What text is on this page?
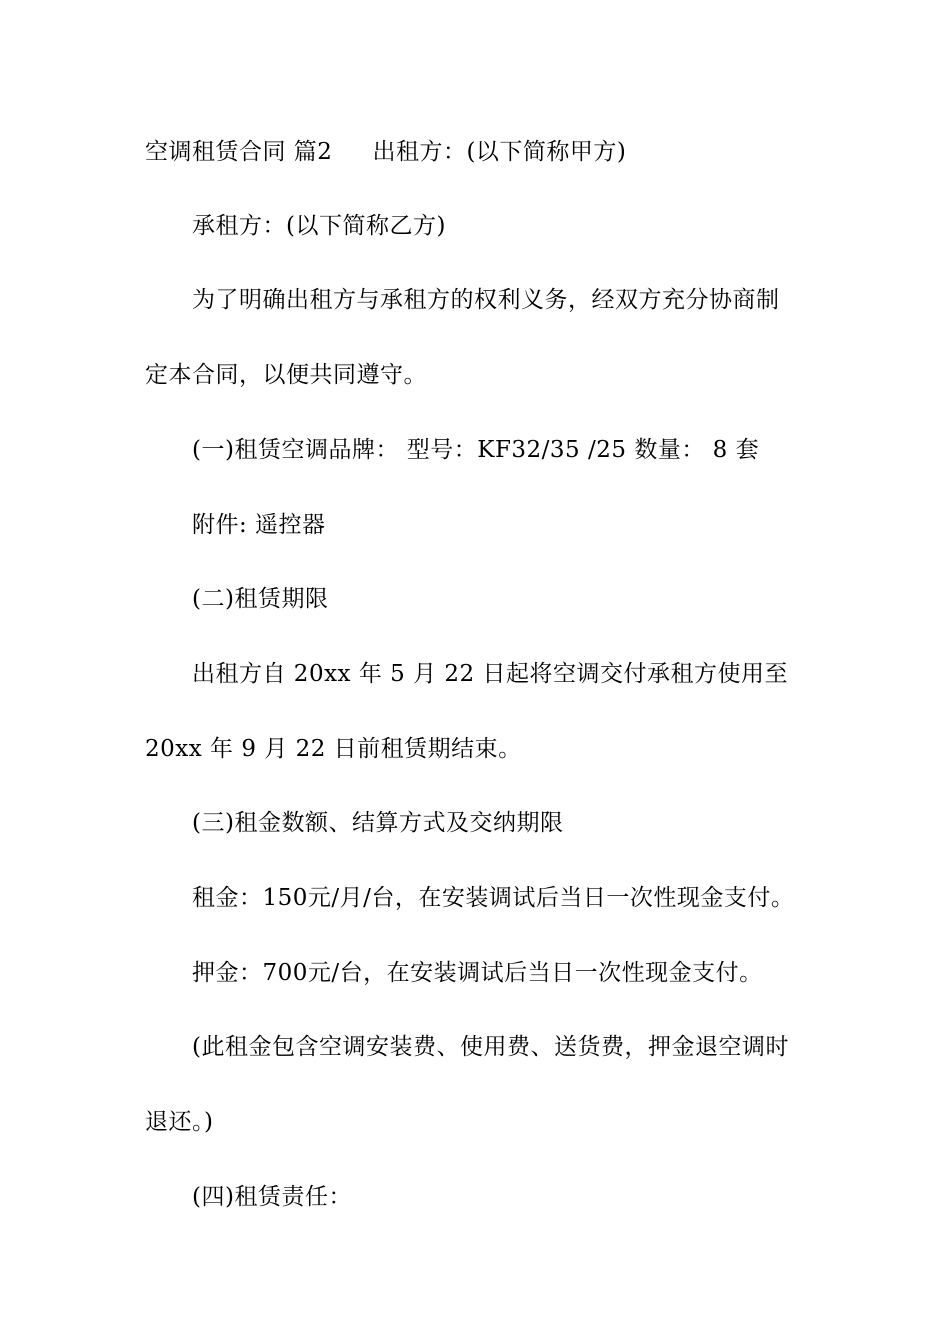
空调租赁合同 篇2 出租方：(以下简称甲方)
承租方：(以下简称乙方)
为了明确出租方与承租方的权利义务，经双方充分协商制
定本合同，以便共同遵守。
(一)租赁空调品牌： 型号：KF32/35 /25 数量： 8 套
附件: 遥控器
(二)租赁期限
出租方自 20xx 年 5 月 22 日起将空调交付承租方使用至
20xx 年 9 月 22 日前租赁期结束。
(三)租金数额、结算方式及交纳期限
租金：150元/月/台，在安装调试后当日一次性现金支付。
押金：700元/台，在安装调试后当日一次性现金支付。
(此租金包含空调安装费、使用费、送货费，押金退空调时
退还。)
(四)租赁责任：
